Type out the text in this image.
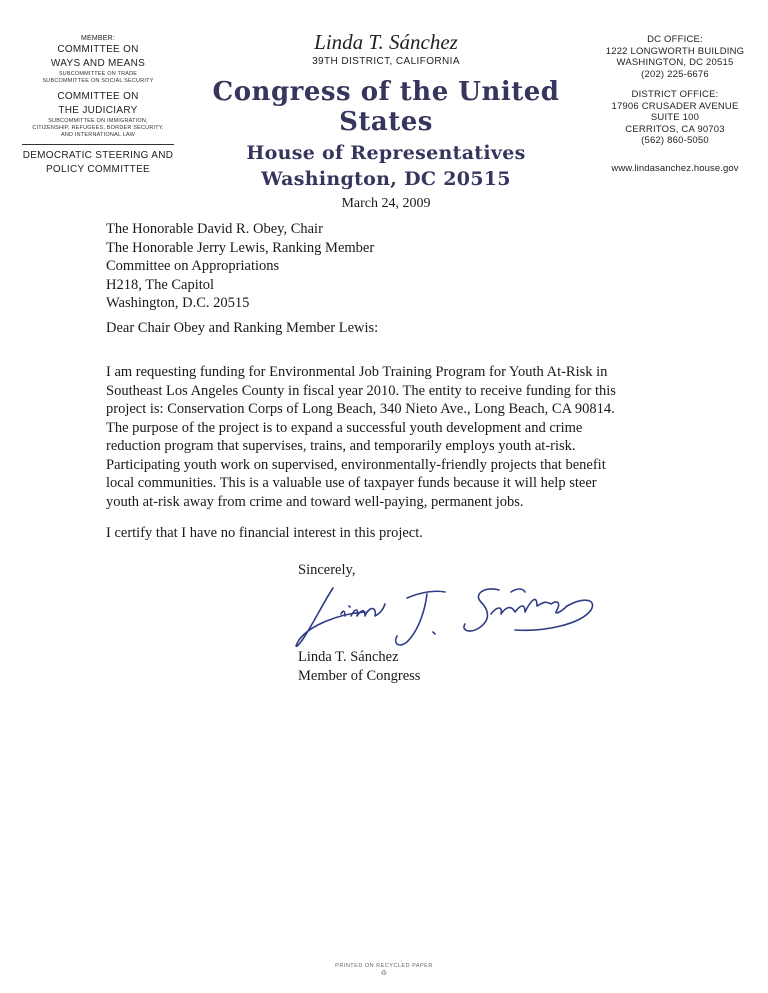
MEMBER:
COMMITTEE ON
WAYS AND MEANS
SUBCOMMITTEE ON TRADE
SUBCOMMITTEE ON SOCIAL SECURITY
COMMITTEE ON
THE JUDICIARY
SUBCOMMITTEE ON IMMIGRATION,
CITIZENSHIP, REFUGEES, BORDER SECURITY,
AND INTERNATIONAL LAW
DEMOCRATIC STEERING AND
POLICY COMMITTEE
Linda T. Sánchez
39TH DISTRICT, CALIFORNIA
Congress of the United States
House of Representatives
Washington, DC 20515
March 24, 2009
DC OFFICE:
1222 LONGWORTH BUILDING
WASHINGTON, DC 20515
(202) 225-6676
DISTRICT OFFICE:
17906 CRUSADER AVENUE
SUITE 100
CERRITOS, CA 90703
(562) 860-5050
www.lindasanchez.house.gov
The Honorable David R. Obey, Chair
The Honorable Jerry Lewis, Ranking Member
Committee on Appropriations
H218, The Capitol
Washington, D.C. 20515
Dear Chair Obey and Ranking Member Lewis:
I am requesting funding for Environmental Job Training Program for Youth At-Risk in
Southeast Los Angeles County in fiscal year 2010. The entity to receive funding for this
project is: Conservation Corps of Long Beach, 340 Nieto Ave., Long Beach, CA 90814.
The purpose of the project is to expand a successful youth development and crime
reduction program that supervises, trains, and temporarily employs youth at-risk.
Participating youth work on supervised, environmentally-friendly projects that benefit
local communities. This is a valuable use of taxpayer funds because it will help steer
youth at-risk away from crime and toward well-paying, permanent jobs.
I certify that I have no financial interest in this project.
Sincerely,
Linda T. Sánchez
Member of Congress
PRINTED ON RECYCLED PAPER
♻
